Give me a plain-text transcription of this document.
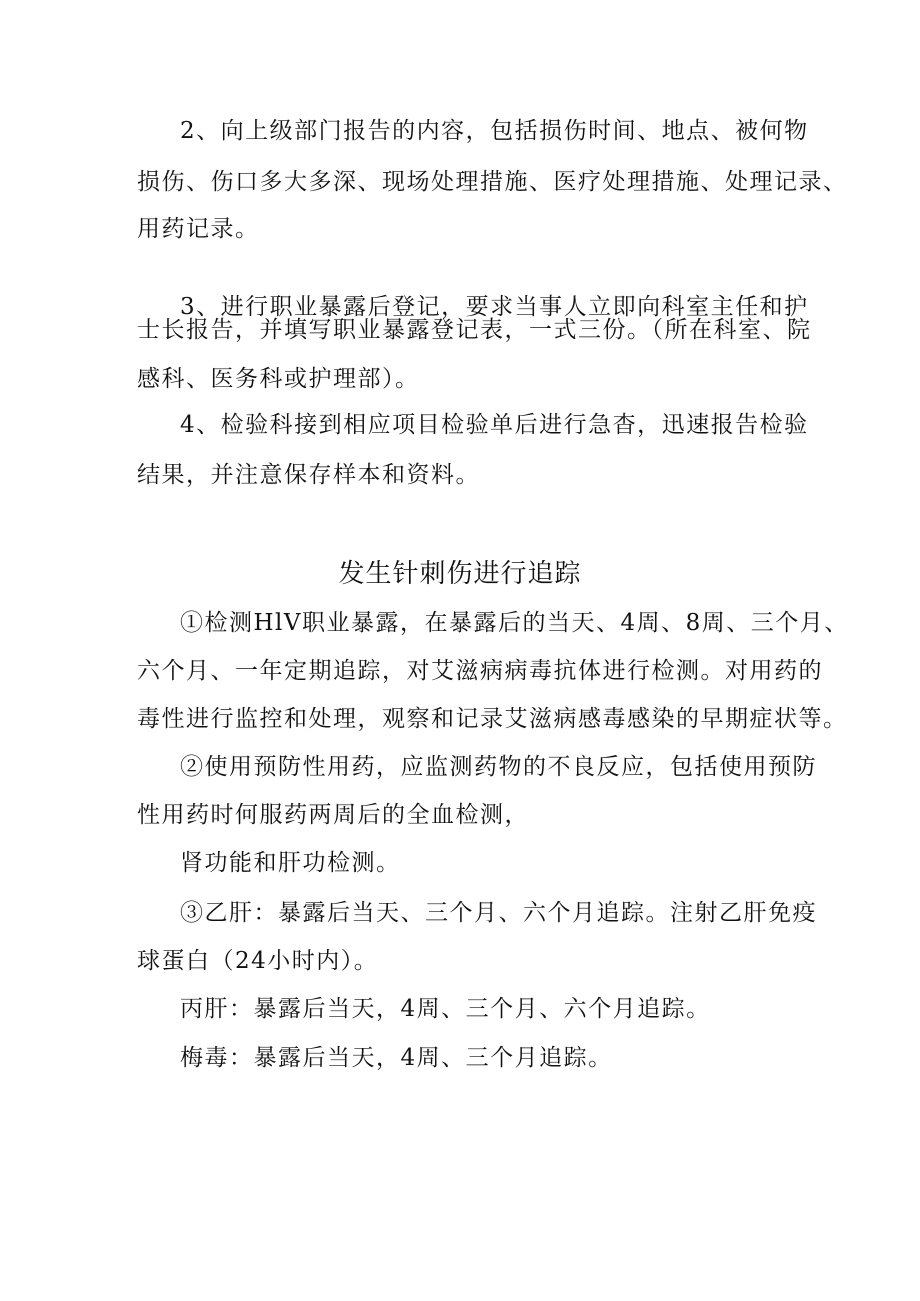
2、向上级部门报告的内容，包括损伤时间、地点、被何物
损伤、伤口多大多深、现场处理措施、医疗处理措施、处理记录、
用药记录。
3、进行职业暴露后登记，要求当事人立即向科室主任和护
士长报告，并填写职业暴露登记表，一式三份。（所在科室、院
感科、医务科或护理部）。
4、检验科接到相应项目检验单后进行急杳，迅速报告检验
结果，并注意保存样本和资料。
发生针刺伤进行追踪
①检测HlV职业暴露，在暴露后的当天、4周、8周、三个月、
六个月、一年定期追踪，对艾滋病病毒抗体进行检测。对用药的
毒性进行监控和处理，观察和记录艾滋病感毒感染的早期症状等。
②使用预防性用药，应监测药物的不良反应，包括使用预防
性用药时何服药两周后的全血检测，
肾功能和肝功检测。
③乙肝：暴露后当天、三个月、六个月追踪。注射乙肝免疫
球蛋白（24小时内）。
丙肝：暴露后当天，4周、三个月、六个月追踪。
梅毒：暴露后当天，4周、三个月追踪。
